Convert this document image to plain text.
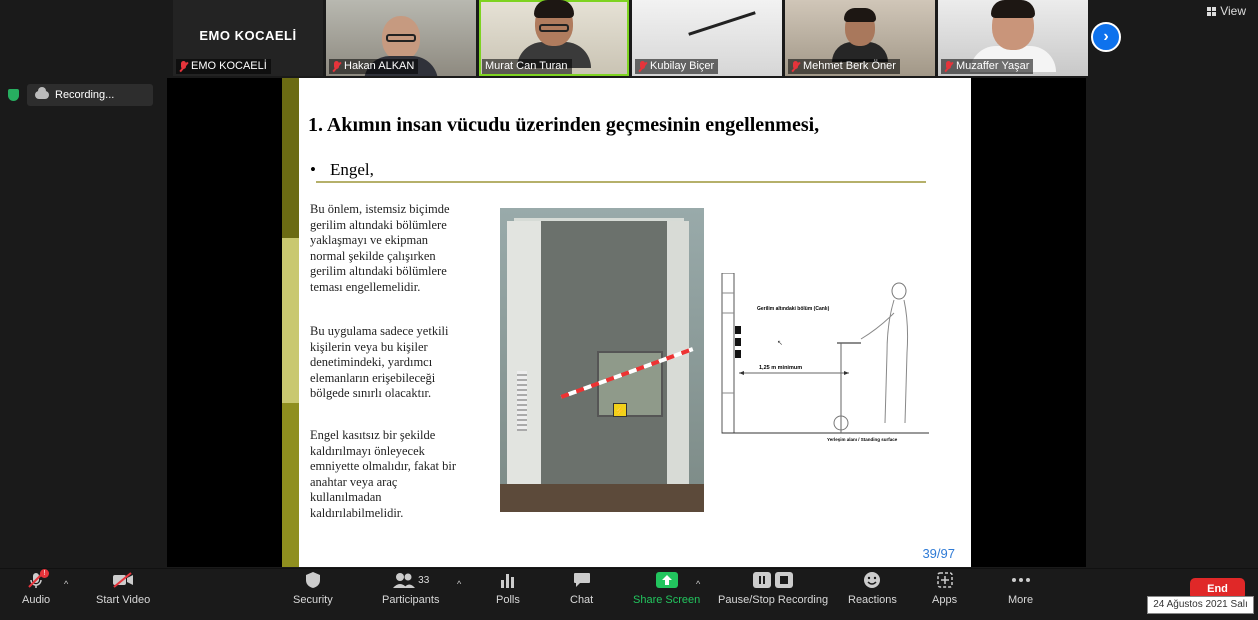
EMO KOCAELİ
EMO KOCAELİ	Hakan ALKAN	Murat Can Turan	Kubilay Biçer	Mehmet Berk Öner	Muzaffer Yaşar
›
View
Recording...
1. Akımın insan vücudu üzerinden geçmesinin engellenmesi,
• Engel,
Bu önlem, istemsiz biçimde
gerilim altındaki bölümlere
yaklaşmayı ve ekipman
normal şekilde çalışırken
gerilim altındaki bölümlere
teması engellemelidir.
Bu uygulama sadece yetkili
kişilerin veya bu kişiler
denetimindeki, yardımcı
elemanların erişebileceği
bölgede sınırlı olacaktır.
Engel kasıtsız bir şekilde
kaldırılmayı önleyecek
emniyette olmalıdır, fakat bir
anahtar veya araç
kullanılmadan
kaldırılabilmelidir.
⚡
Gerilim altındaki bölüm (Canlı)
↖
1,25 m minimum
Yerleşim alanı / Standing surface
39/97
!
Audio
^
Start Video	Security
33
Participants
^
Polls	Chat	Share Screen
^
Pause/Stop Recording Reactions	Apps	More
End
24 Ağustos 2021 Salı
